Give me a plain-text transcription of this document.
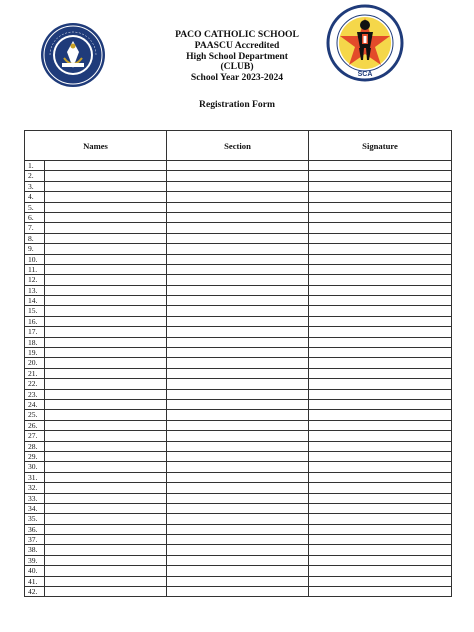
SCA
PACO CATHOLIC SCHOOL
PAASCU Accredited
High School Department
(CLUB)
School Year 2023-2024
Registration Form
Names	Section	Signature

1.		

2.		

3.		

4.		

5.		

6.		

7.		

8.		

9.		

10.		

11.		

12.		

13.		

14.		

15.		

16.		

17.		

18.		

19.		

20.		

21.		

22.		

23.		

24.		

25.		

26.		

27.		

28.		

29.		

30.		

31.		

32.		

33.		

34.		

35.		

36.		

37.		

38.		

39.		

40.		

41.		

42.		
